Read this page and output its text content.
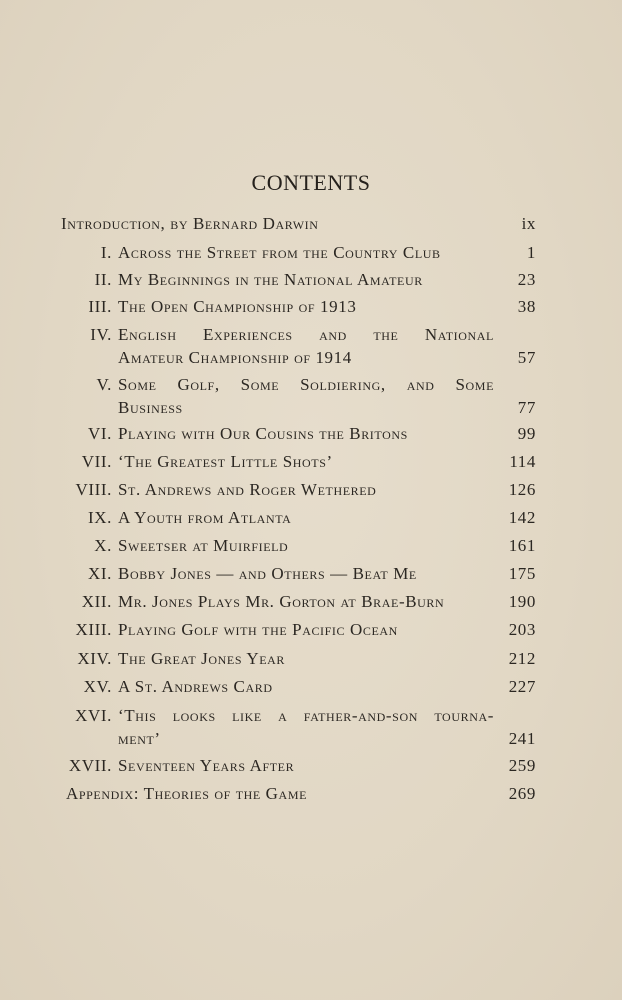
CONTENTS
Introduction, by Bernard Darwin	ix
I. Across the Street from the Country Club	1
II. My Beginnings in the National Amateur	23
III. The Open Championship of 1913	38
IV. English Experiences and the National
Amateur Championship of 1914	57
V. Some Golf, Some Soldiering, and Some
Business	77
VI. Playing with Our Cousins the Britons	99
VII. ‘The Greatest Little Shots’	114
VIII. St. Andrews and Roger Wethered	126
IX. A Youth from Atlanta	142
X. Sweetser at Muirfield	161
XI. Bobby Jones — and Others — Beat Me	175
XII. Mr. Jones Plays Mr. Gorton at Brae-Burn	190
XIII. Playing Golf with the Pacific Ocean	203
XIV. The Great Jones Year	212
XV. A St. Andrews Card	227
XVI. ‘This looks like a father-and-son tourna-
ment’	241
XVII. Seventeen Years After	259
Appendix: Theories of the Game	269
